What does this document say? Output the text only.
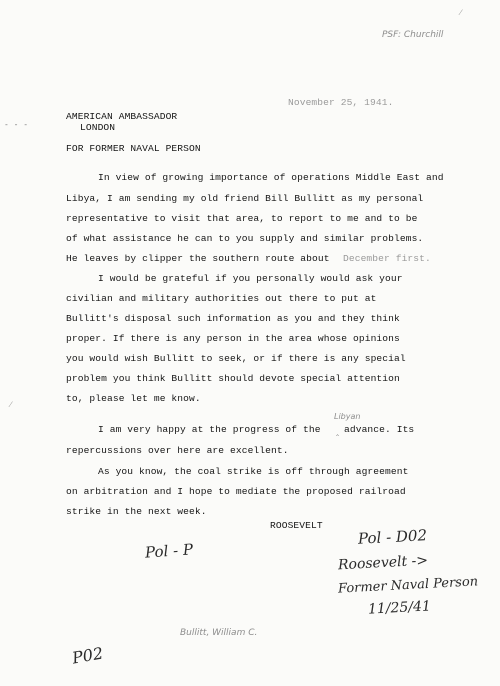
⁄
PSF: Churchill
- - -
⁄
November 25, 1941.
AMERICAN AMBASSADOR
LONDON
FOR FORMER NAVAL PERSON
In view of growing importance of operations Middle East and
Libya, I am sending my old friend Bill Bullitt as my personal
representative to visit that area, to report to me and to be
of what assistance he can to you supply and similar problems.
He leaves by clipper the southern route about December first.
I would be grateful if you personally would ask your
civilian and military authorities out there to put at
Bullitt's disposal such information as you and they think
proper. If there is any person in the area whose opinions
you would wish Bullitt to seek, or if there is any special
problem you think Bullitt should devote special attention
to, please let me know.
Libyan
I am very happy at the progress of the ‸ advance. Its
repercussions over here are excellent.
As you know, the coal strike is off through agreement
on arbitration and I hope to mediate the proposed railroad
strike in the next week.
ROOSEVELT
Pol - P
Pol - D02
Roosevelt ->
Former Naval Person
11/25/41
Bullitt, William C.
P02
